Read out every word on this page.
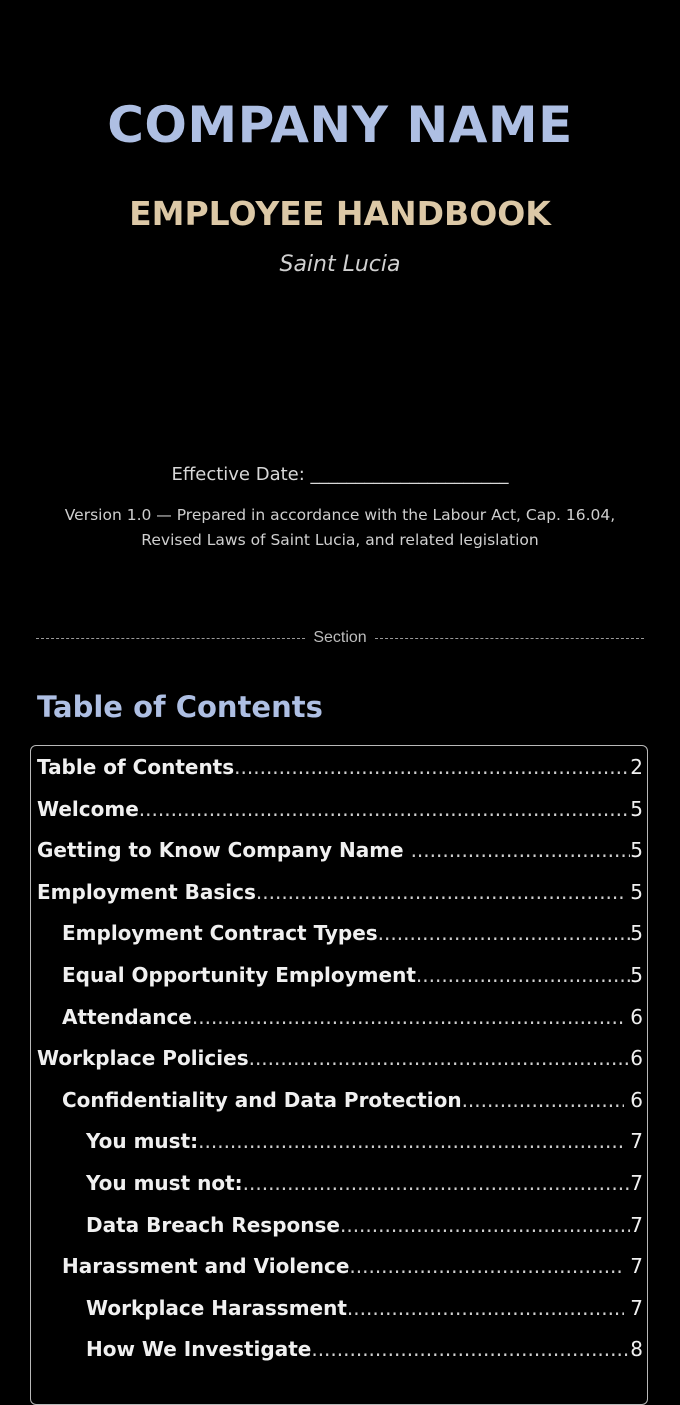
COMPANY NAME
EMPLOYEE HANDBOOK
Saint Lucia
Effective Date: ______________________
Version 1.0 — Prepared in accordance with the Labour Act, Cap. 16.04,
Revised Laws of Saint Lucia, and related legislation
Section
Table of Contents
Table of Contents .....	2
Welcome .....	5
Getting to Know Company Name .....	5
Employment Basics .....	5
Employment Contract Types .....	5
Equal Opportunity Employment .....	5
Attendance .....	6
Workplace Policies .....	6
Confidentiality and Data Protection .....	6
You must: .....	7
You must not: .....	7
Data Breach Response .....	7
Harassment and Violence .....	7
Workplace Harassment .....	7
How We Investigate .....	8
